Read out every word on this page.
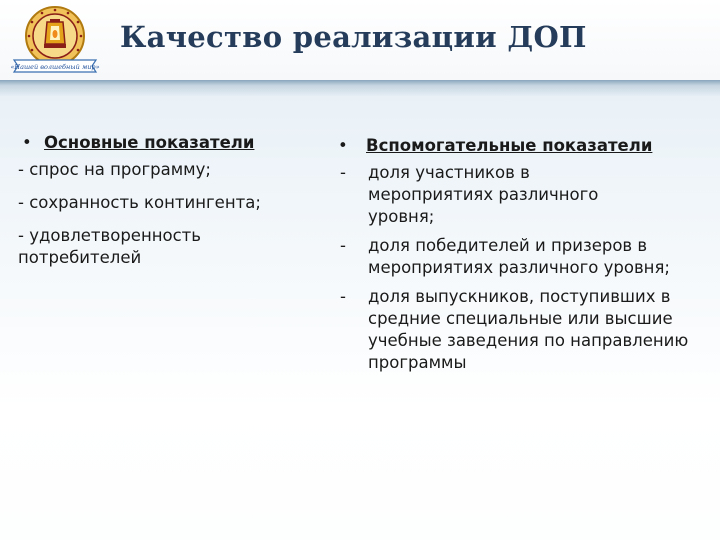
«Нашей волшебный мир»
Качество реализации ДОП
• Основные показатели
- спрос на программу;
- сохранность контингента;
- удовлетворенность потребителей
•	Вспомогательные показатели
-	доля участников в мероприятиях различного уровня;
-	доля победителей и призеров в мероприятиях различного уровня;
-	доля выпускников, поступивших в средние специальные или высшие учебные заведения по направлению программы
